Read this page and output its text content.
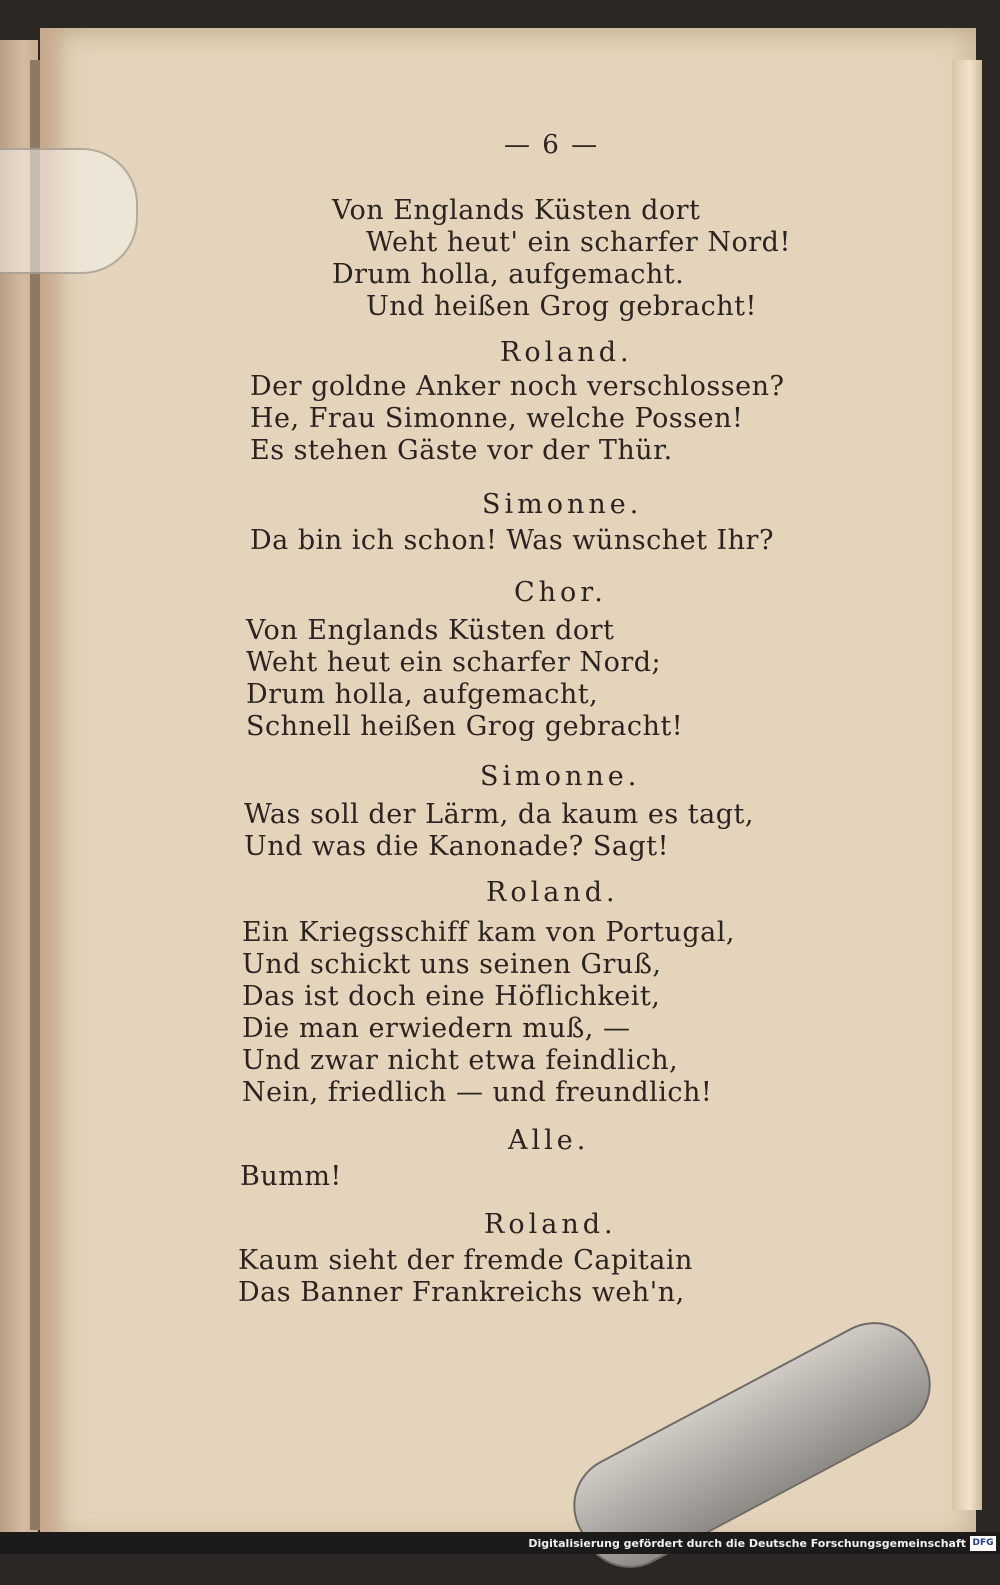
— 6 —
Von Englands Küsten dort
Weht heut' ein scharfer Nord!
Drum holla, aufgemacht.
Und heißen Grog gebracht!
Roland.
Der goldne Anker noch verschlossen?
He, Frau Simonne, welche Possen!
Es stehen Gäste vor der Thür.
Simonne.
Da bin ich schon! Was wünschet Ihr?
Chor.
Von Englands Küsten dort
Weht heut ein scharfer Nord;
Drum holla, aufgemacht,
Schnell heißen Grog gebracht!
Simonne.
Was soll der Lärm, da kaum es tagt,
Und was die Kanonade? Sagt!
Roland.
Ein Kriegsschiff kam von Portugal,
Und schickt uns seinen Gruß,
Das ist doch eine Höflichkeit,
Die man erwiedern muß, —
Und zwar nicht etwa feindlich,
Nein, friedlich — und freundlich!
Alle.
Bumm!
Roland.
Kaum sieht der fremde Capitain
Das Banner Frankreichs weh'n,
Digitalisierung gefördert durch die Deutsche Forschungsgemeinschaft DFG
